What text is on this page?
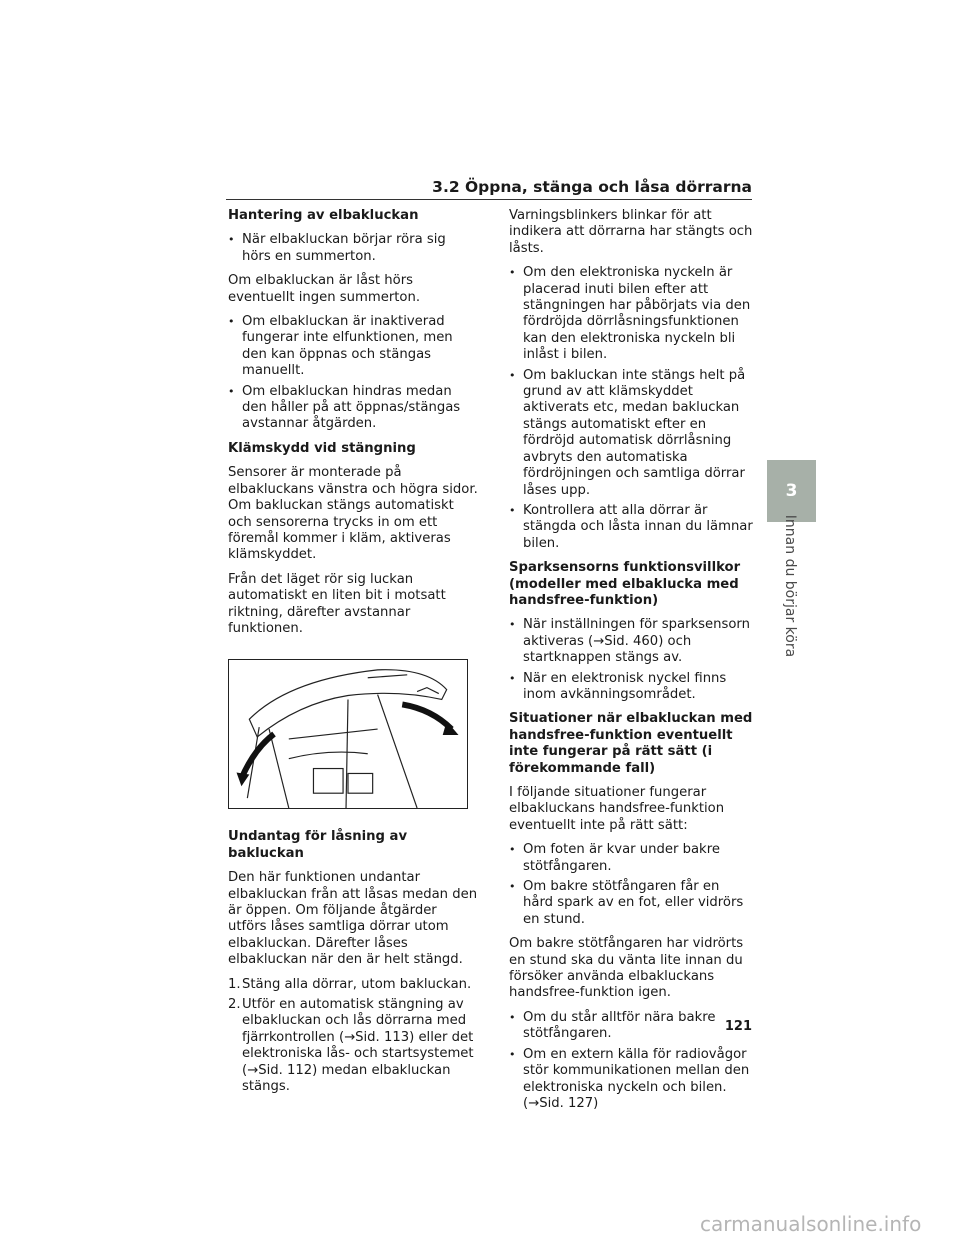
3.2 Öppna, stänga och låsa dörrarna

Hantering av elbakluckan

• När elbakluckan börjar röra sig hörs en summerton.

Om elbakluckan är låst hörs eventuellt ingen summerton.

• Om elbakluckan är inaktiverad fungerar inte elfunktionen, men den kan öppnas och stängas manuellt.
• Om elbakluckan hindras medan den håller på att öppnas/stängas avstannar åtgärden.

Klämskydd vid stängning

Sensorer är monterade på elbakluckans vänstra och högra sidor. Om bakluckan stängs automatiskt och sensorerna trycks in om ett föremål kommer i kläm, aktiveras klämskyddet.

Från det läget rör sig luckan automatiskt en liten bit i motsatt riktning, därefter avstannar funktionen.

Undantag för låsning av bakluckan

Den här funktionen undantar elbakluckan från att låsas medan den är öppen. Om följande åtgärder utförs låses samtliga dörrar utom elbakluckan. Därefter låses elbakluckan när den är helt stängd.

1. Stäng alla dörrar, utom bakluckan.
2. Utför en automatisk stängning av elbakluckan och lås dörrarna med fjärrkontrollen (→Sid. 113) eller det elektroniska lås- och startsystemet (→Sid. 112) medan elbakluckan stängs.

Varningsblinkers blinkar för att indikera att dörrarna har stängts och låsts.

• Om den elektroniska nyckeln är placerad inuti bilen efter att stängningen har påbörjats via den fördröjda dörrlåsningsfunktionen kan den elektroniska nyckeln bli inlåst i bilen.
• Om bakluckan inte stängs helt på grund av att klämskyddet aktiverats etc, medan bakluckan stängs automatiskt efter en fördröjd automatisk dörrlåsning avbryts den automatiska fördröjningen och samtliga dörrar låses upp.
• Kontrollera att alla dörrar är stängda och låsta innan du lämnar bilen.

Sparksensorns funktionsvillkor (modeller med elbaklucka med handsfree-funktion)

• När inställningen för sparksensorn aktiveras (→Sid. 460) och startknappen stängs av.
• När en elektronisk nyckel finns inom avkänningsområdet.

Situationer när elbakluckan med handsfree-funktion eventuellt inte fungerar på rätt sätt (i förekommande fall)

I följande situationer fungerar elbakluckans handsfree-funktion eventuellt inte på rätt sätt:

• Om foten är kvar under bakre stötfångaren.
• Om bakre stötfångaren får en hård spark av en fot, eller vidrörs en stund.

Om bakre stötfångaren har vidrörts en stund ska du vänta lite innan du försöker använda elbakluckans handsfree-funktion igen.

• Om du står alltför nära bakre stötfångaren.
• Om en extern källa för radiovågor stör kommunikationen mellan den elektroniska nyckeln och bilen. (→Sid. 127)
3
Innan du börjar köra
121
carmanualsonline.info
